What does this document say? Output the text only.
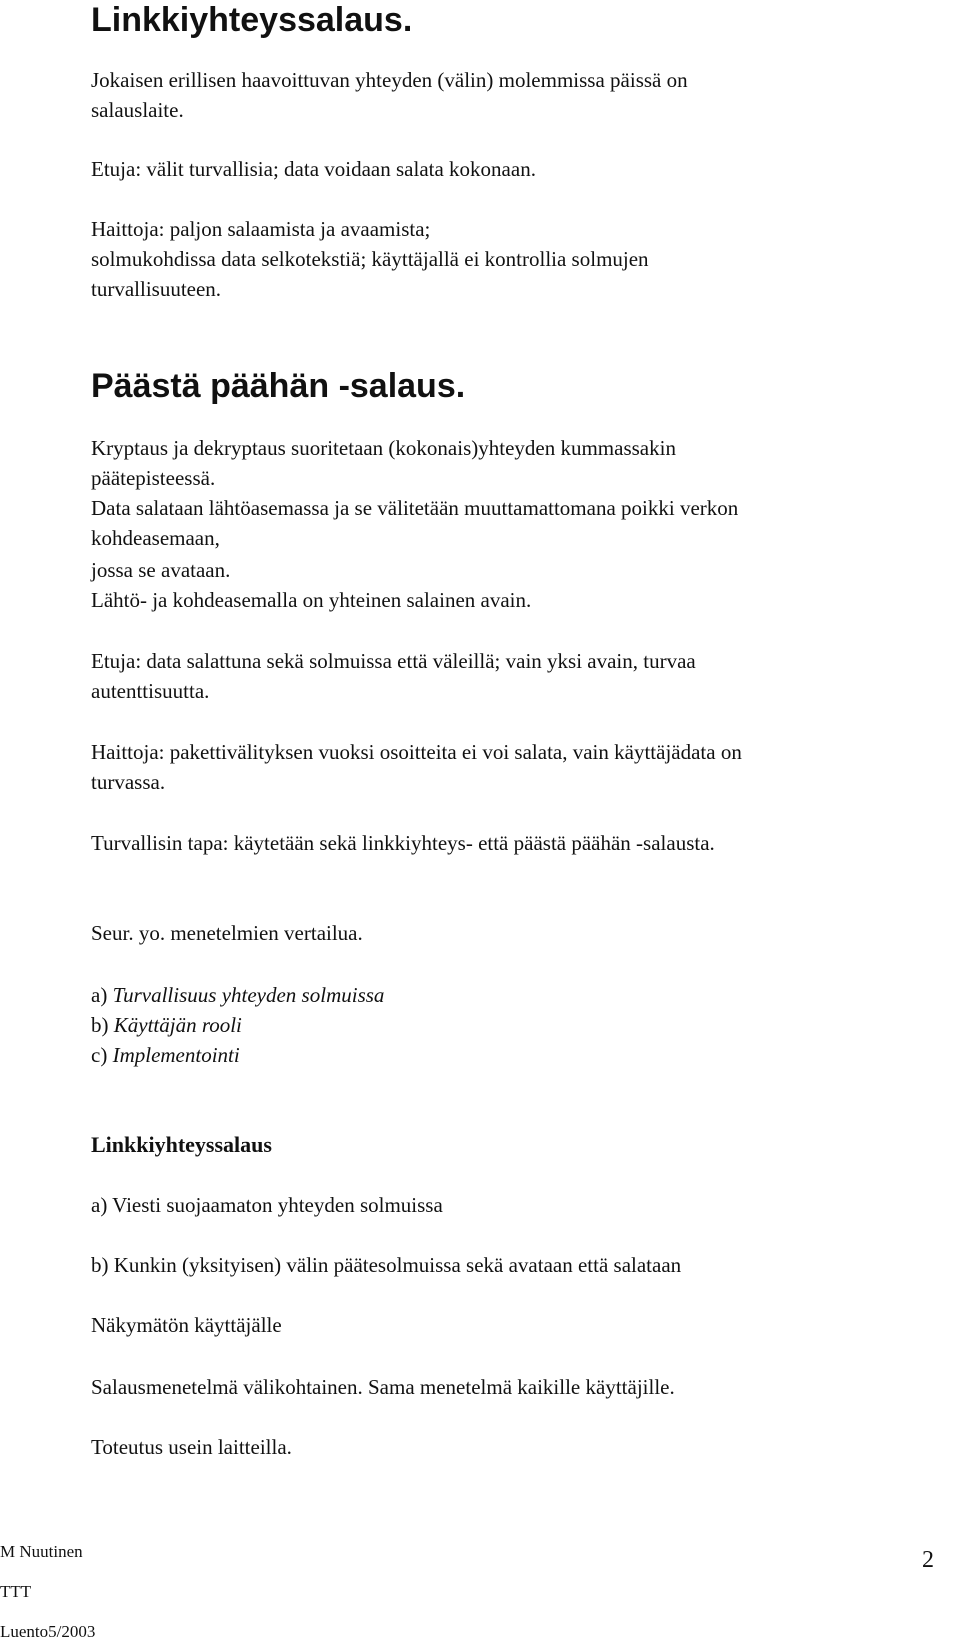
Linkkiyhteyssalaus.

Jokaisen erillisen haavoittuvan yhteyden (välin) molemmissa päissä on

salauslaite.

Etuja: välit turvallisia; data voidaan salata kokonaan.

Haittoja: paljon salaamista ja avaamista;

solmukohdissa data selkotekstiä; käyttäjallä ei kontrollia solmujen

turvallisuuteen.

Päästä päähän -salaus.

Kryptaus ja dekryptaus suoritetaan (kokonais)yhteyden kummassakin

päätepisteessä.

Data salataan lähtöasemassa ja se välitetään muuttamattomana poikki verkon

kohdeasemaan,

jossa se avataan.

Lähtö- ja kohdeasemalla on yhteinen salainen avain.

Etuja: data salattuna sekä solmuissa että väleillä; vain yksi avain, turvaa

autenttisuutta.

Haittoja: pakettivälityksen vuoksi osoitteita ei voi salata, vain käyttäjädata on

turvassa.

Turvallisin tapa: käytetään sekä linkkiyhteys- että päästä päähän -salausta.

Seur. yo. menetelmien vertailua.

a) Turvallisuus yhteyden solmuissa
b) Käyttäjän rooli
c) Implementointi
Linkkiyhteyssalaus

a) Viesti suojaamaton yhteyden solmuissa

b) Kunkin (yksityisen) välin päätesolmuissa sekä avataan että salataan

Näkymätön käyttäjälle

Salausmenetelmä välikohtainen. Sama menetelmä kaikille käyttäjille.

Toteutus usein laitteilla.

M Nuutinen
TTT
Luento5/2003
2
